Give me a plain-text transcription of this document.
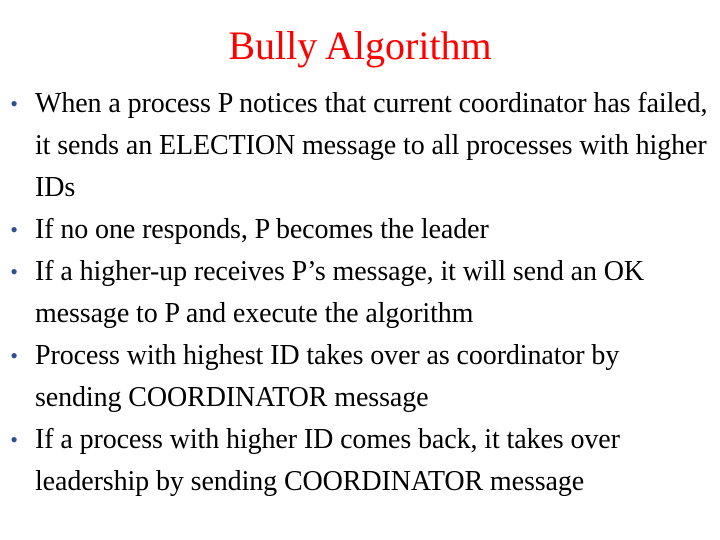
Bully Algorithm
• When a process P notices that current coordinator has failed, it sends an ELECTION message to all processes with higher IDs
• If no one responds, P becomes the leader
• If a higher-up receives P’s message, it will send an OK message to P and execute the algorithm
• Process with highest ID takes over as coordinator by sending COORDINATOR message
• If a process with higher ID comes back, it takes over leadership by sending COORDINATOR message
